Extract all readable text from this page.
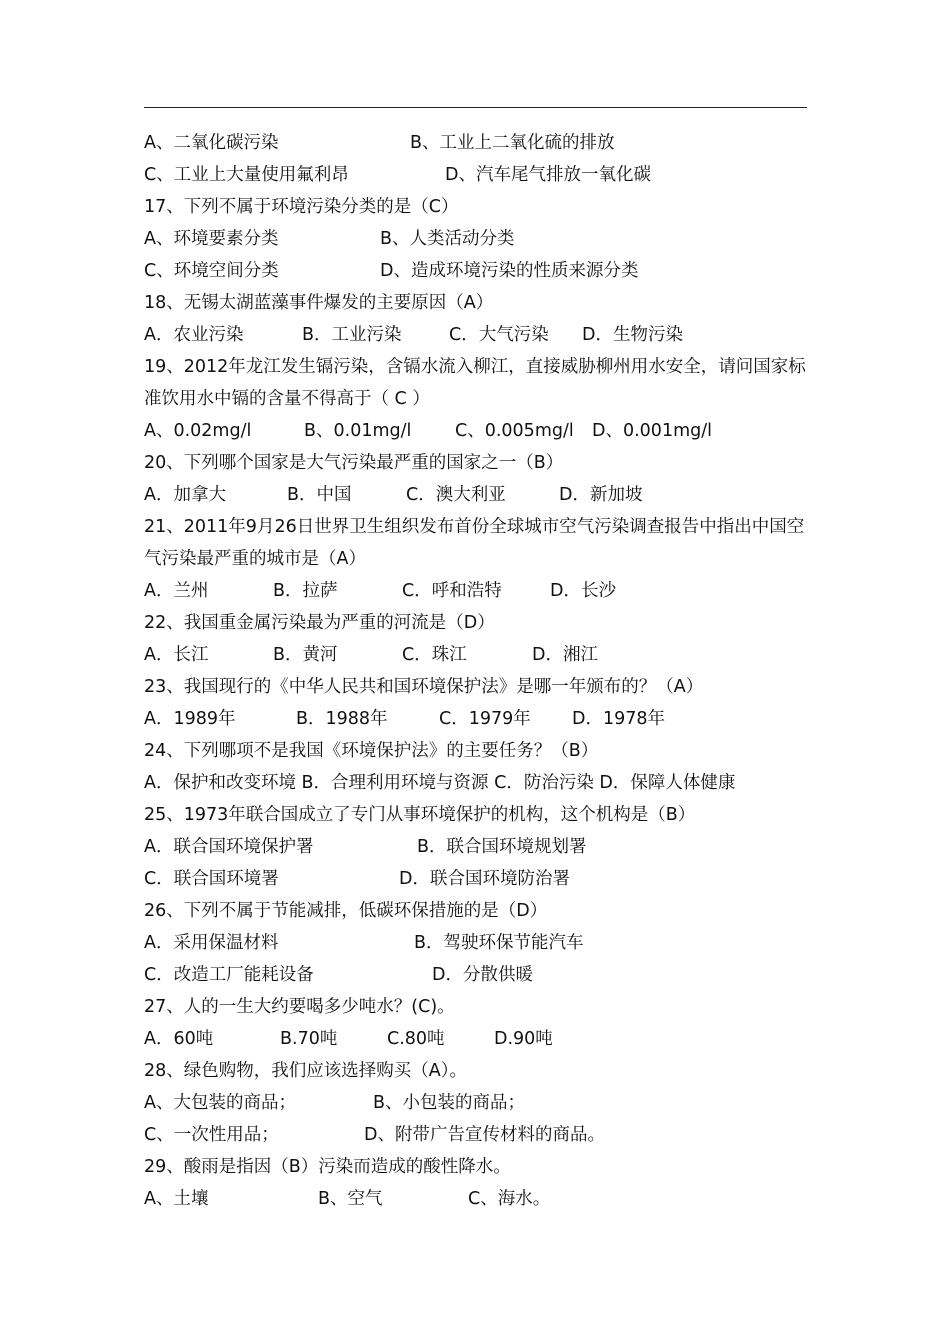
A、二氧化碳污染	B、工业上二氧化硫的排放
C、工业上大量使用氟利昂	D、汽车尾气排放一氧化碳
17、下列不属于环境污染分类的是（C）
A、环境要素分类	B、人类活动分类
C、环境空间分类	D、造成环境污染的性质来源分类
18、无锡太湖蓝藻事件爆发的主要原因（A）
A．农业污染	B．工业污染	C．大气污染 D．生物污染
19、2012年龙江发生镉污染，含镉水流入柳江，直接威胁柳州用水安全，请问国家标准饮用水中镉的含量不得高于（ C ）
A、0.02mg/l	B、0.01mg/l C、0.005mg/l D、0.001mg/l
20、下列哪个国家是大气污染最严重的国家之一（B）
A．加拿大	B．中国	C．澳大利亚	D．新加坡
21、2011年9月26日世界卫生组织发布首份全球城市空气污染调查报告中指出中国空气污染最严重的城市是（A）
A．兰州	B．拉萨	C．呼和浩特	D．长沙
22、我国重金属污染最为严重的河流是（D）
A．长江	B．黄河	C．珠江	D．湘江
23、我国现行的《中华人民共和国环境保护法》是哪一年颁布的？（A）
A．1989年	B．1988年	C．1979年 D．1978年
24、下列哪项不是我国《环境保护法》的主要任务？（B）
A．保护和改变环境 B．合理利用环境与资源 C．防治污染 D．保障人体健康
25、1973年联合国成立了专门从事环境保护的机构，这个机构是（B）
A．联合国环境保护署	B．联合国环境规划署
C．联合国环境署	D．联合国环境防治署
26、下列不属于节能减排，低碳环保措施的是（D）
A．采用保温材料	B．驾驶环保节能汽车
C．改造工厂能耗设备	D．分散供暖
27、人的一生大约要喝多少吨水？(C)。
A．60吨	B.70吨	C.80吨	D.90吨
28、绿色购物，我们应该选择购买（A）。
A、大包装的商品；	B、小包装的商品；
C、一次性用品；	D、附带广告宣传材料的商品。
29、酸雨是指因（B）污染而造成的酸性降水。
A、土壤	B、空气	C、海水。
